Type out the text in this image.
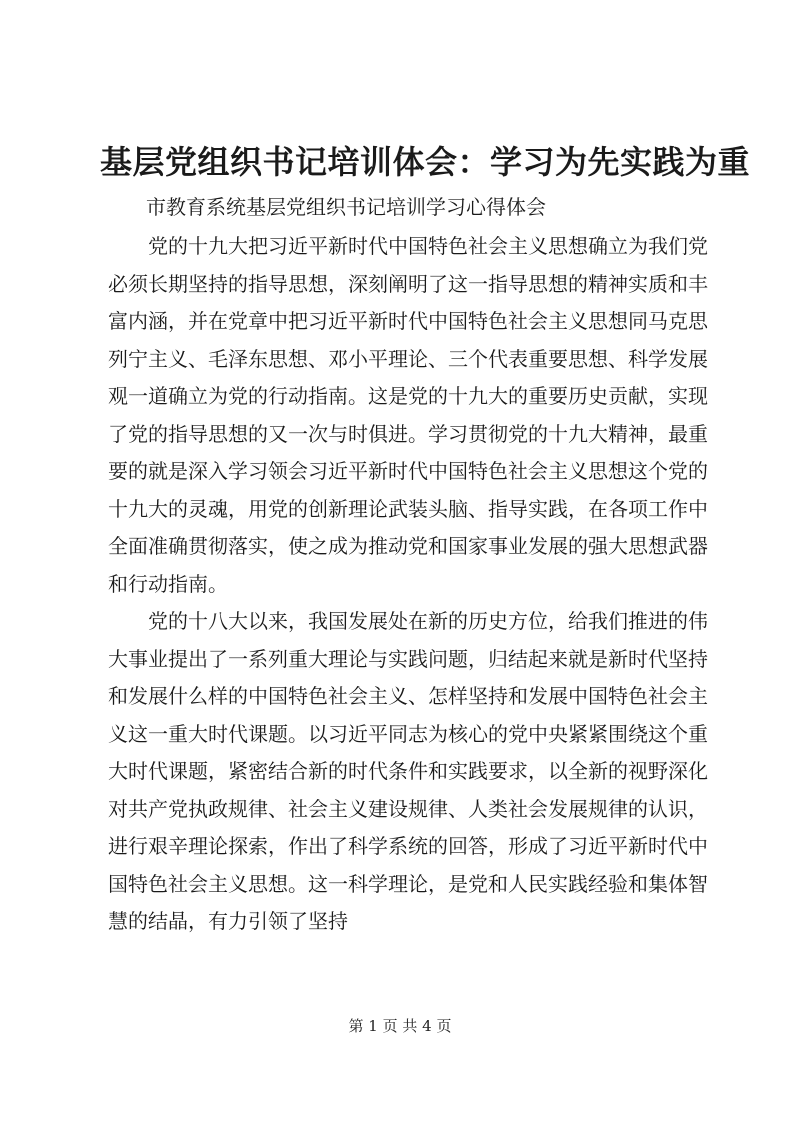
基层党组织书记培训体会：学习为先实践为重
市教育系统基层党组织书记培训学习心得体会

党的十九大把习近平新时代中国特色社会主义思想确立为我们党必须长期坚持的指导思想，深刻阐明了这一指导思想的精神实质和丰富内涵，并在党章中把习近平新时代中国特色社会主义思想同马克思列宁主义、毛泽东思想、邓小平理论、三个代表重要思想、科学发展观一道确立为党的行动指南。这是党的十九大的重要历史贡献，实现了党的指导思想的又一次与时俱进。学习贯彻党的十九大精神，最重要的就是深入学习领会习近平新时代中国特色社会主义思想这个党的十九大的灵魂，用党的创新理论武装头脑、指导实践，在各项工作中全面准确贯彻落实，使之成为推动党和国家事业发展的强大思想武器和行动指南。

党的十八大以来，我国发展处在新的历史方位，给我们推进的伟大事业提出了一系列重大理论与实践问题，归结起来就是新时代坚持和发展什么样的中国特色社会主义、怎样坚持和发展中国特色社会主义这一重大时代课题。以习近平同志为核心的党中央紧紧围绕这个重大时代课题，紧密结合新的时代条件和实践要求，以全新的视野深化对共产党执政规律、社会主义建设规律、人类社会发展规律的认识，进行艰辛理论探索，作出了科学系统的回答，形成了习近平新时代中国特色社会主义思想。这一科学理论，是党和人民实践经验和集体智慧的结晶，有力引领了坚持

第 1 页 共 4 页
